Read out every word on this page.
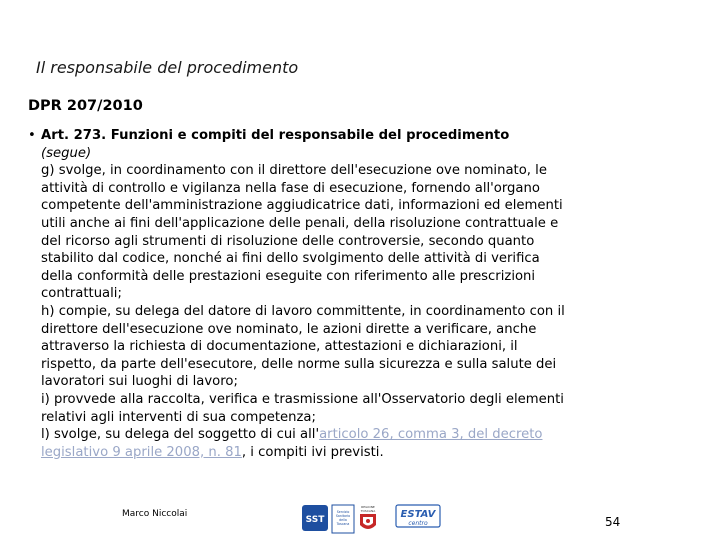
Il responsabile del procedimento
DPR 207/2010
• Art. 273. Funzioni e compiti del responsabile del procedimento
(segue)
g) svolge, in coordinamento con il direttore dell'esecuzione ove nominato, le
attività di controllo e vigilanza nella fase di esecuzione, fornendo all'organo
competente dell'amministrazione aggiudicatrice dati, informazioni ed elementi
utili anche ai fini dell'applicazione delle penali, della risoluzione contrattuale e
del ricorso agli strumenti di risoluzione delle controversie, secondo quanto
stabilito dal codice, nonché ai fini dello svolgimento delle attività di verifica
della conformità delle prestazioni eseguite con riferimento alle prescrizioni
contrattuali;
h) compie, su delega del datore di lavoro committente, in coordinamento con il
direttore dell'esecuzione ove nominato, le azioni dirette a verificare, anche
attraverso la richiesta di documentazione, attestazioni e dichiarazioni, il
rispetto, da parte dell'esecutore, delle norme sulla sicurezza e sulla salute dei
lavoratori sui luoghi di lavoro;
i) provvede alla raccolta, verifica e trasmissione all'Osservatorio degli elementi
relativi agli interventi di sua competenza;
l) svolge, su delega del soggetto di cui all'articolo 26, comma 3, del decreto
legislativo 9 aprile 2008, n. 81, i compiti ivi previsti.
Marco Niccolai
SST
Servizio Sanitario della Toscana
REGIONE
TOSCANA	ESTAV
centro	54
